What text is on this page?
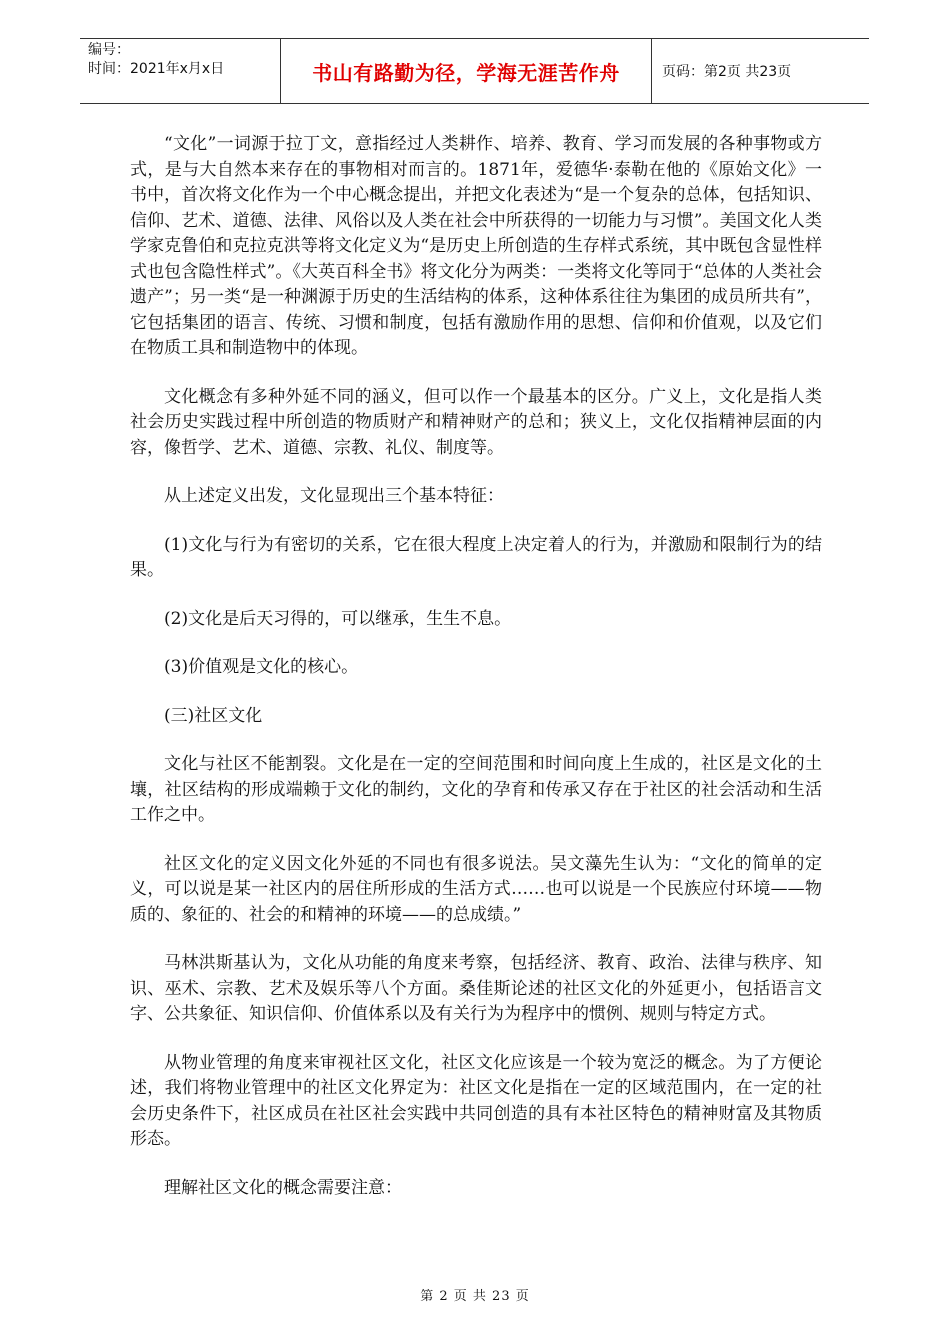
编号：
时间：2021年x月x日	书山有路勤为径，学海无涯苦作舟	页码：第2页 共23页

“文化”一词源于拉丁文，意指经过人类耕作、培养、教育、学习而发展的各种事物或方式，是与大自然本来存在的事物相对而言的。1871年，爱德华·泰勒在他的《原始文化》一书中，首次将文化作为一个中心概念提出，并把文化表述为“是一个复杂的总体，包括知识、信仰、艺术、道德、法律、风俗以及人类在社会中所获得的一切能力与习惯”。美国文化人类学家克鲁伯和克拉克洪等将文化定义为“是历史上所创造的生存样式系统，其中既包含显性样式也包含隐性样式”。《大英百科全书》将文化分为两类：一类将文化等同于“总体的人类社会遗产”；另一类“是一种渊源于历史的生活结构的体系，这种体系往往为集团的成员所共有”，它包括集团的语言、传统、习惯和制度，包括有激励作用的思想、信仰和价值观，以及它们在物质工具和制造物中的体现。

文化概念有多种外延不同的涵义，但可以作一个最基本的区分。广义上，文化是指人类社会历史实践过程中所创造的物质财产和精神财产的总和；狭义上，文化仅指精神层面的内容，像哲学、艺术、道德、宗教、礼仪、制度等。

从上述定义出发，文化显现出三个基本特征：

(1)文化与行为有密切的关系，它在很大程度上决定着人的行为，并激励和限制行为的结果。

(2)文化是后天习得的，可以继承，生生不息。

(3)价值观是文化的核心。

(三)社区文化

文化与社区不能割裂。文化是在一定的空间范围和时间向度上生成的，社区是文化的土壤，社区结构的形成端赖于文化的制约，文化的孕育和传承又存在于社区的社会活动和生活工作之中。

社区文化的定义因文化外延的不同也有很多说法。吴文藻先生认为：“文化的简单的定义，可以说是某一社区内的居住所形成的生活方式……也可以说是一个民族应付环境——物质的、象征的、社会的和精神的环境——的总成绩。”

马林洪斯基认为，文化从功能的角度来考察，包括经济、教育、政治、法律与秩序、知识、巫术、宗教、艺术及娱乐等八个方面。桑佳斯论述的社区文化的外延更小，包括语言文字、公共象征、知识信仰、价值体系以及有关行为为程序中的惯例、规则与特定方式。

从物业管理的角度来审视社区文化，社区文化应该是一个较为宽泛的概念。为了方便论述，我们将物业管理中的社区文化界定为：社区文化是指在一定的区域范围内，在一定的社会历史条件下，社区成员在社区社会实践中共同创造的具有本社区特色的精神财富及其物质形态。

理解社区文化的概念需要注意：

第 2 页 共 23 页
